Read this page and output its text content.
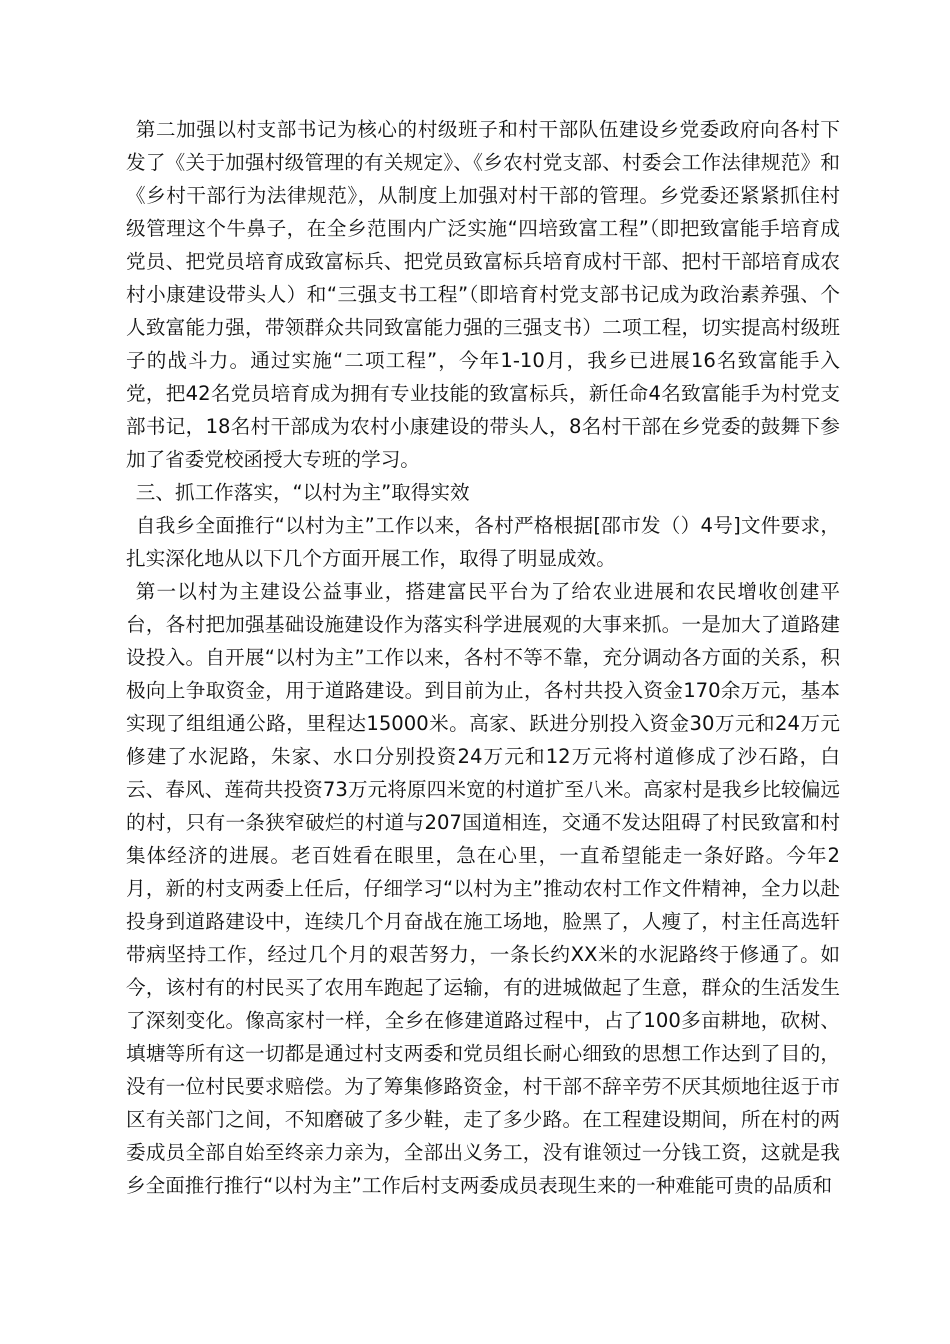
第二加强以村支部书记为核心的村级班子和村干部队伍建设乡党委政府向各村下发了《关于加强村级管理的有关规定》、《乡农村党支部、村委会工作法律规范》和《乡村干部行为法律规范》，从制度上加强对村干部的管理。乡党委还紧紧抓住村级管理这个牛鼻子，在全乡范围内广泛实施“四培致富工程”（即把致富能手培育成党员、把党员培育成致富标兵、把党员致富标兵培育成村干部、把村干部培育成农村小康建设带头人）和“三强支书工程”（即培育村党支部书记成为政治素养强、个人致富能力强，带领群众共同致富能力强的三强支书）二项工程，切实提高村级班子的战斗力。通过实施“二项工程”，今年1-10月，我乡已进展16名致富能手入党，把42名党员培育成为拥有专业技能的致富标兵，新任命4名致富能手为村党支部书记，18名村干部成为农村小康建设的带头人，8名村干部在乡党委的鼓舞下参加了省委党校函授大专班的学习。

三、抓工作落实，“以村为主”取得实效

自我乡全面推行“以村为主”工作以来，各村严格根据[邵市发（）4号]文件要求，扎实深化地从以下几个方面开展工作，取得了明显成效。

第一以村为主建设公益事业，搭建富民平台为了给农业进展和农民增收创建平台，各村把加强基础设施建设作为落实科学进展观的大事来抓。一是加大了道路建设投入。自开展“以村为主”工作以来，各村不等不靠，充分调动各方面的关系，积极向上争取资金，用于道路建设。到目前为止，各村共投入资金170余万元，基本实现了组组通公路，里程达15000米。高家、跃进分别投入资金30万元和24万元修建了水泥路，朱家、水口分别投资24万元和12万元将村道修成了沙石路，白云、春风、莲荷共投资73万元将原四米宽的村道扩至八米。高家村是我乡比较偏远的村，只有一条狭窄破烂的村道与207国道相连，交通不发达阻碍了村民致富和村集体经济的进展。老百姓看在眼里，急在心里，一直希望能走一条好路。今年2月，新的村支两委上任后，仔细学习“以村为主”推动农村工作文件精神，全力以赴投身到道路建设中，连续几个月奋战在施工场地，脸黑了，人瘦了，村主任高选轩带病坚持工作，经过几个月的艰苦努力，一条长约XX米的水泥路终于修通了。如今，该村有的村民买了农用车跑起了运输，有的进城做起了生意，群众的生活发生了深刻变化。像高家村一样，全乡在修建道路过程中，占了100多亩耕地，砍树、填塘等所有这一切都是通过村支两委和党员组长耐心细致的思想工作达到了目的，没有一位村民要求赔偿。为了筹集修路资金，村干部不辞辛劳不厌其烦地往返于市区有关部门之间，不知磨破了多少鞋，走了多少路。在工程建设期间，所在村的两委成员全部自始至终亲力亲为，全部出义务工，没有谁领过一分钱工资，这就是我乡全面推行推行“以村为主”工作后村支两委成员表现生来的一种难能可贵的品质和
